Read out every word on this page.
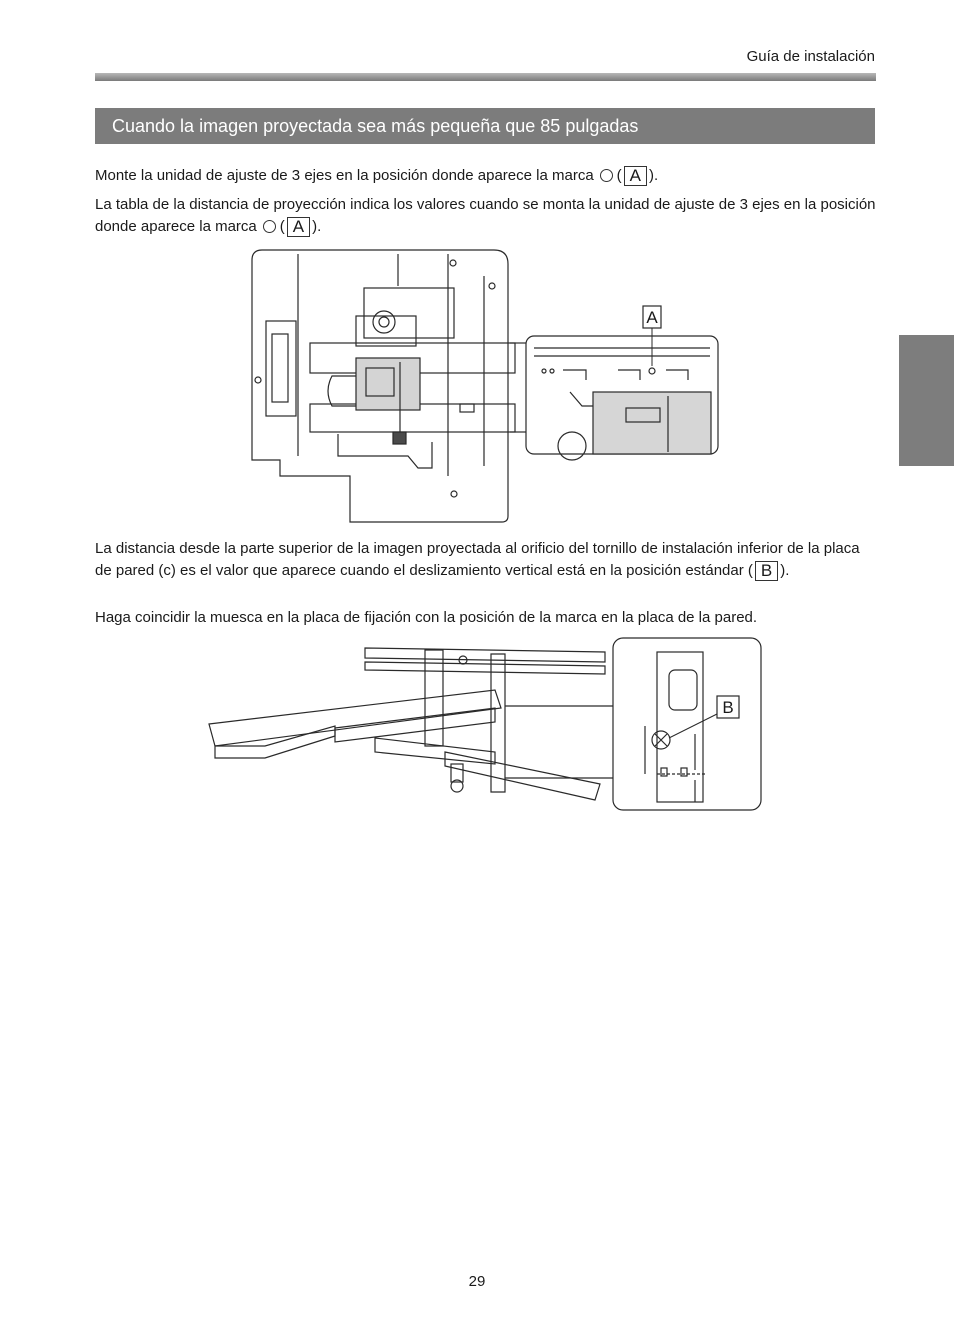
Guía de instalación
Cuando la imagen proyectada sea más pequeña que 85 pulgadas
Monte la unidad de ajuste de 3 ejes en la posición donde aparece la marca ○ ( A ).
La tabla de la distancia de proyección indica los valores cuando se monta la unidad de ajuste de 3 ejes en la posición donde aparece la marca ○ ( A ).
A
La distancia desde la parte superior de la imagen proyectada al orificio del tornillo de instalación inferior de la placa de pared (c) es el valor que aparece cuando el deslizamiento vertical está en la posición estándar ( B ).
Haga coincidir la muesca en la placa de fijación con la posición de la marca en la placa de la pared.
B
29
